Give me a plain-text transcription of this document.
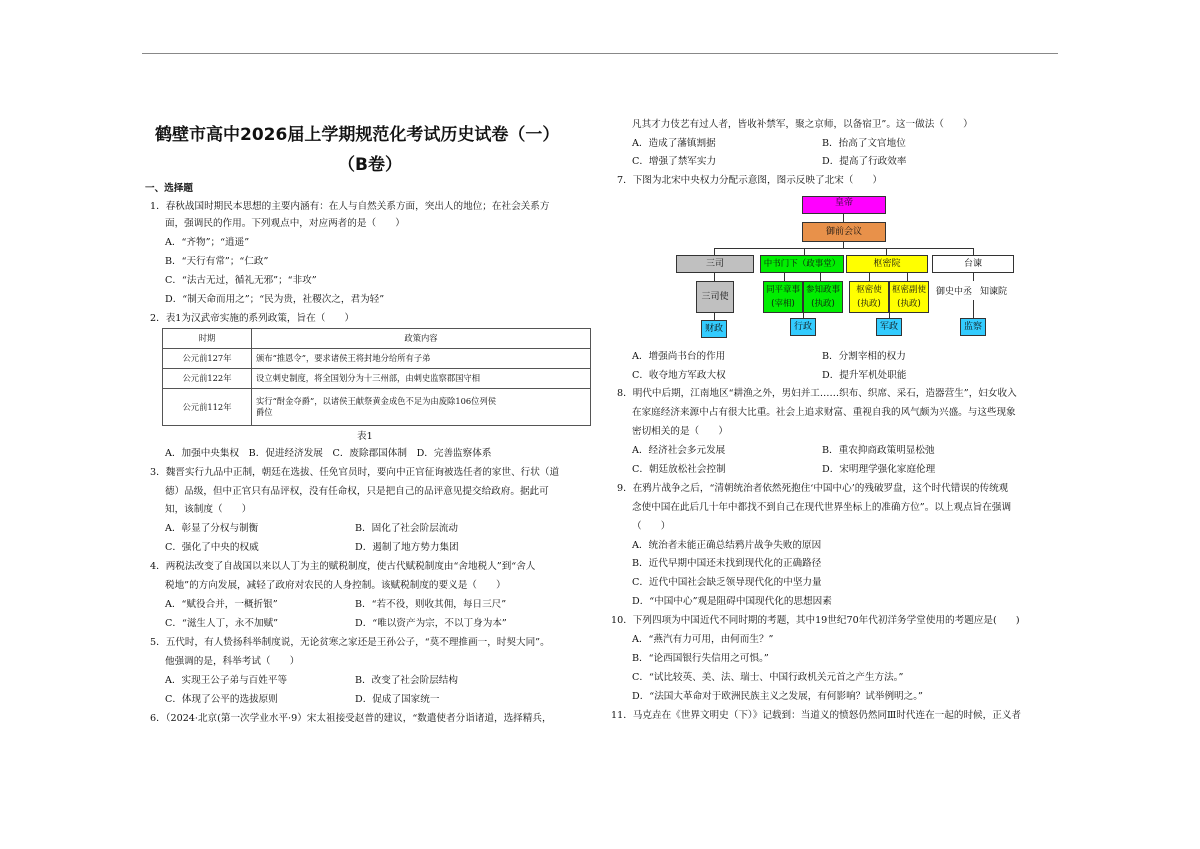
鹤壁市高中2026届上学期规范化考试历史试卷（一）
（B卷）
一、选择题
1．春秋战国时期民本思想的主要内涵有：在人与自然关系方面，突出人的地位；在社会关系方
面，强调民的作用。下列观点中，对应两者的是（　　）
A．“齐物”；“逍遥”
B．“天行有常”；“仁政”
C．“法古无过，循礼无邪”；“非攻”
D．“制天命而用之”；“民为贵，社稷次之，君为轻”
2．表1为汉武帝实施的系列政策，旨在（　　）
时期	政策内容
公元前127年	颁布“推恩令”，要求诸侯王将封地分给所有子弟
公元前122年	设立刺史制度，将全国划分为十三州部，由刺史监察郡国守相
公元前112年	实行“酎金夺爵”，以诸侯王献祭黄金成色不足为由废除106位列侯
爵位
表1
A．加强中央集权　B．促进经济发展　C．废除郡国体制　D．完善监察体系
3．魏晋实行九品中正制，朝廷在选拔、任免官员时，要向中正官征询被选任者的家世、行状（道
德）品级，但中正官只有品评权，没有任命权，只是把自己的品评意见提交给政府。据此可
知，该制度（　　）
A．彰显了分权与制衡	B．固化了社会阶层流动
C．强化了中央的权威	D．遏制了地方势力集团
4．两税法改变了自战国以来以人丁为主的赋税制度，使古代赋税制度由“舍地税人”到“舍人
税地”的方向发展，减轻了政府对农民的人身控制。该赋税制度的要义是（　　）
A．“赋役合并，一概折银”	B．“若不役，则收其佣，每日三尺”
C．“滋生人丁，永不加赋”	D．“唯以资产为宗，不以丁身为本”
5．五代时，有人贽扬科举制度说，无论贫寒之家还是王孙公子，“莫不理推画一，时契大同”。
他强调的是，科举考试（　　）
A．实现王公子弟与百姓平等	B．改变了社会阶层结构
C．体现了公平的选拔原则	D．促成了国家统一
6．（2024·北京(第一次学业水平·9）宋太祖接受赵普的建议，“数遣使者分诣诸道，选择精兵，
凡其才力伎艺有过人者，皆收补禁军，聚之京师，以备宿卫”。这一做法（　　）
A．造成了藩镇割据	B．抬高了文官地位
C．增强了禁军实力	D．提高了行政效率
7．下图为北宋中央权力分配示意图，图示反映了北宋（　　）
皇帝
御前会议
三司	中书门下（政事堂）	枢密院	台谏
三司使
同平章事
(宰相)
参知政事
(执政)
枢密使
(执政)
枢密副使
(执政)
御史中丞 知谏院
财政	行政	军政	监察
A．增强尚书台的作用	B．分割宰相的权力
C．收夺地方军政大权	D．提升军机处职能
8．明代中后期，江南地区“耕渔之外，男妇并工……织布、织席、采石，造器营生”，妇女收入
在家庭经济来源中占有很大比重。社会上追求财富、重视自我的风气颇为兴盛。与这些现象
密切相关的是（　　）
A．经济社会多元发展	B．重农抑商政策明显松弛
C．朝廷放松社会控制	D．宋明理学强化家庭伦理
9．在鸦片战争之后，“清朝统治者依然死抱住‘中国中心’的残破罗盘，这个时代错误的传统观
念使中国在此后几十年中都找不到自己在现代世界坐标上的准确方位”。以上观点旨在强调
（　　）
A．统治者未能正确总结鸦片战争失败的原因
B．近代早期中国还未找到现代化的正确路径
C．近代中国社会缺乏领导现代化的中坚力量
D．“中国中心”观是阻碍中国现代化的思想因素
10．下列四项为中国近代不同时期的考题，其中19世纪70年代初洋务学堂使用的考题应是(　　)
A．“燕汽有力可用，由何而生？”
B．“论西国银行失信用之可惧。”
C．“试比较英、美、法、瑞士、中国行政机关元首之产生方法。”
D．“法国大革命对于欧洲民族主义之发展，有何影响？试举例明之。”
11．马克垚在《世界文明史（下）》记载到：当道义的愤怒仍然同Ⅲ时代连在一起的时候，正义者
